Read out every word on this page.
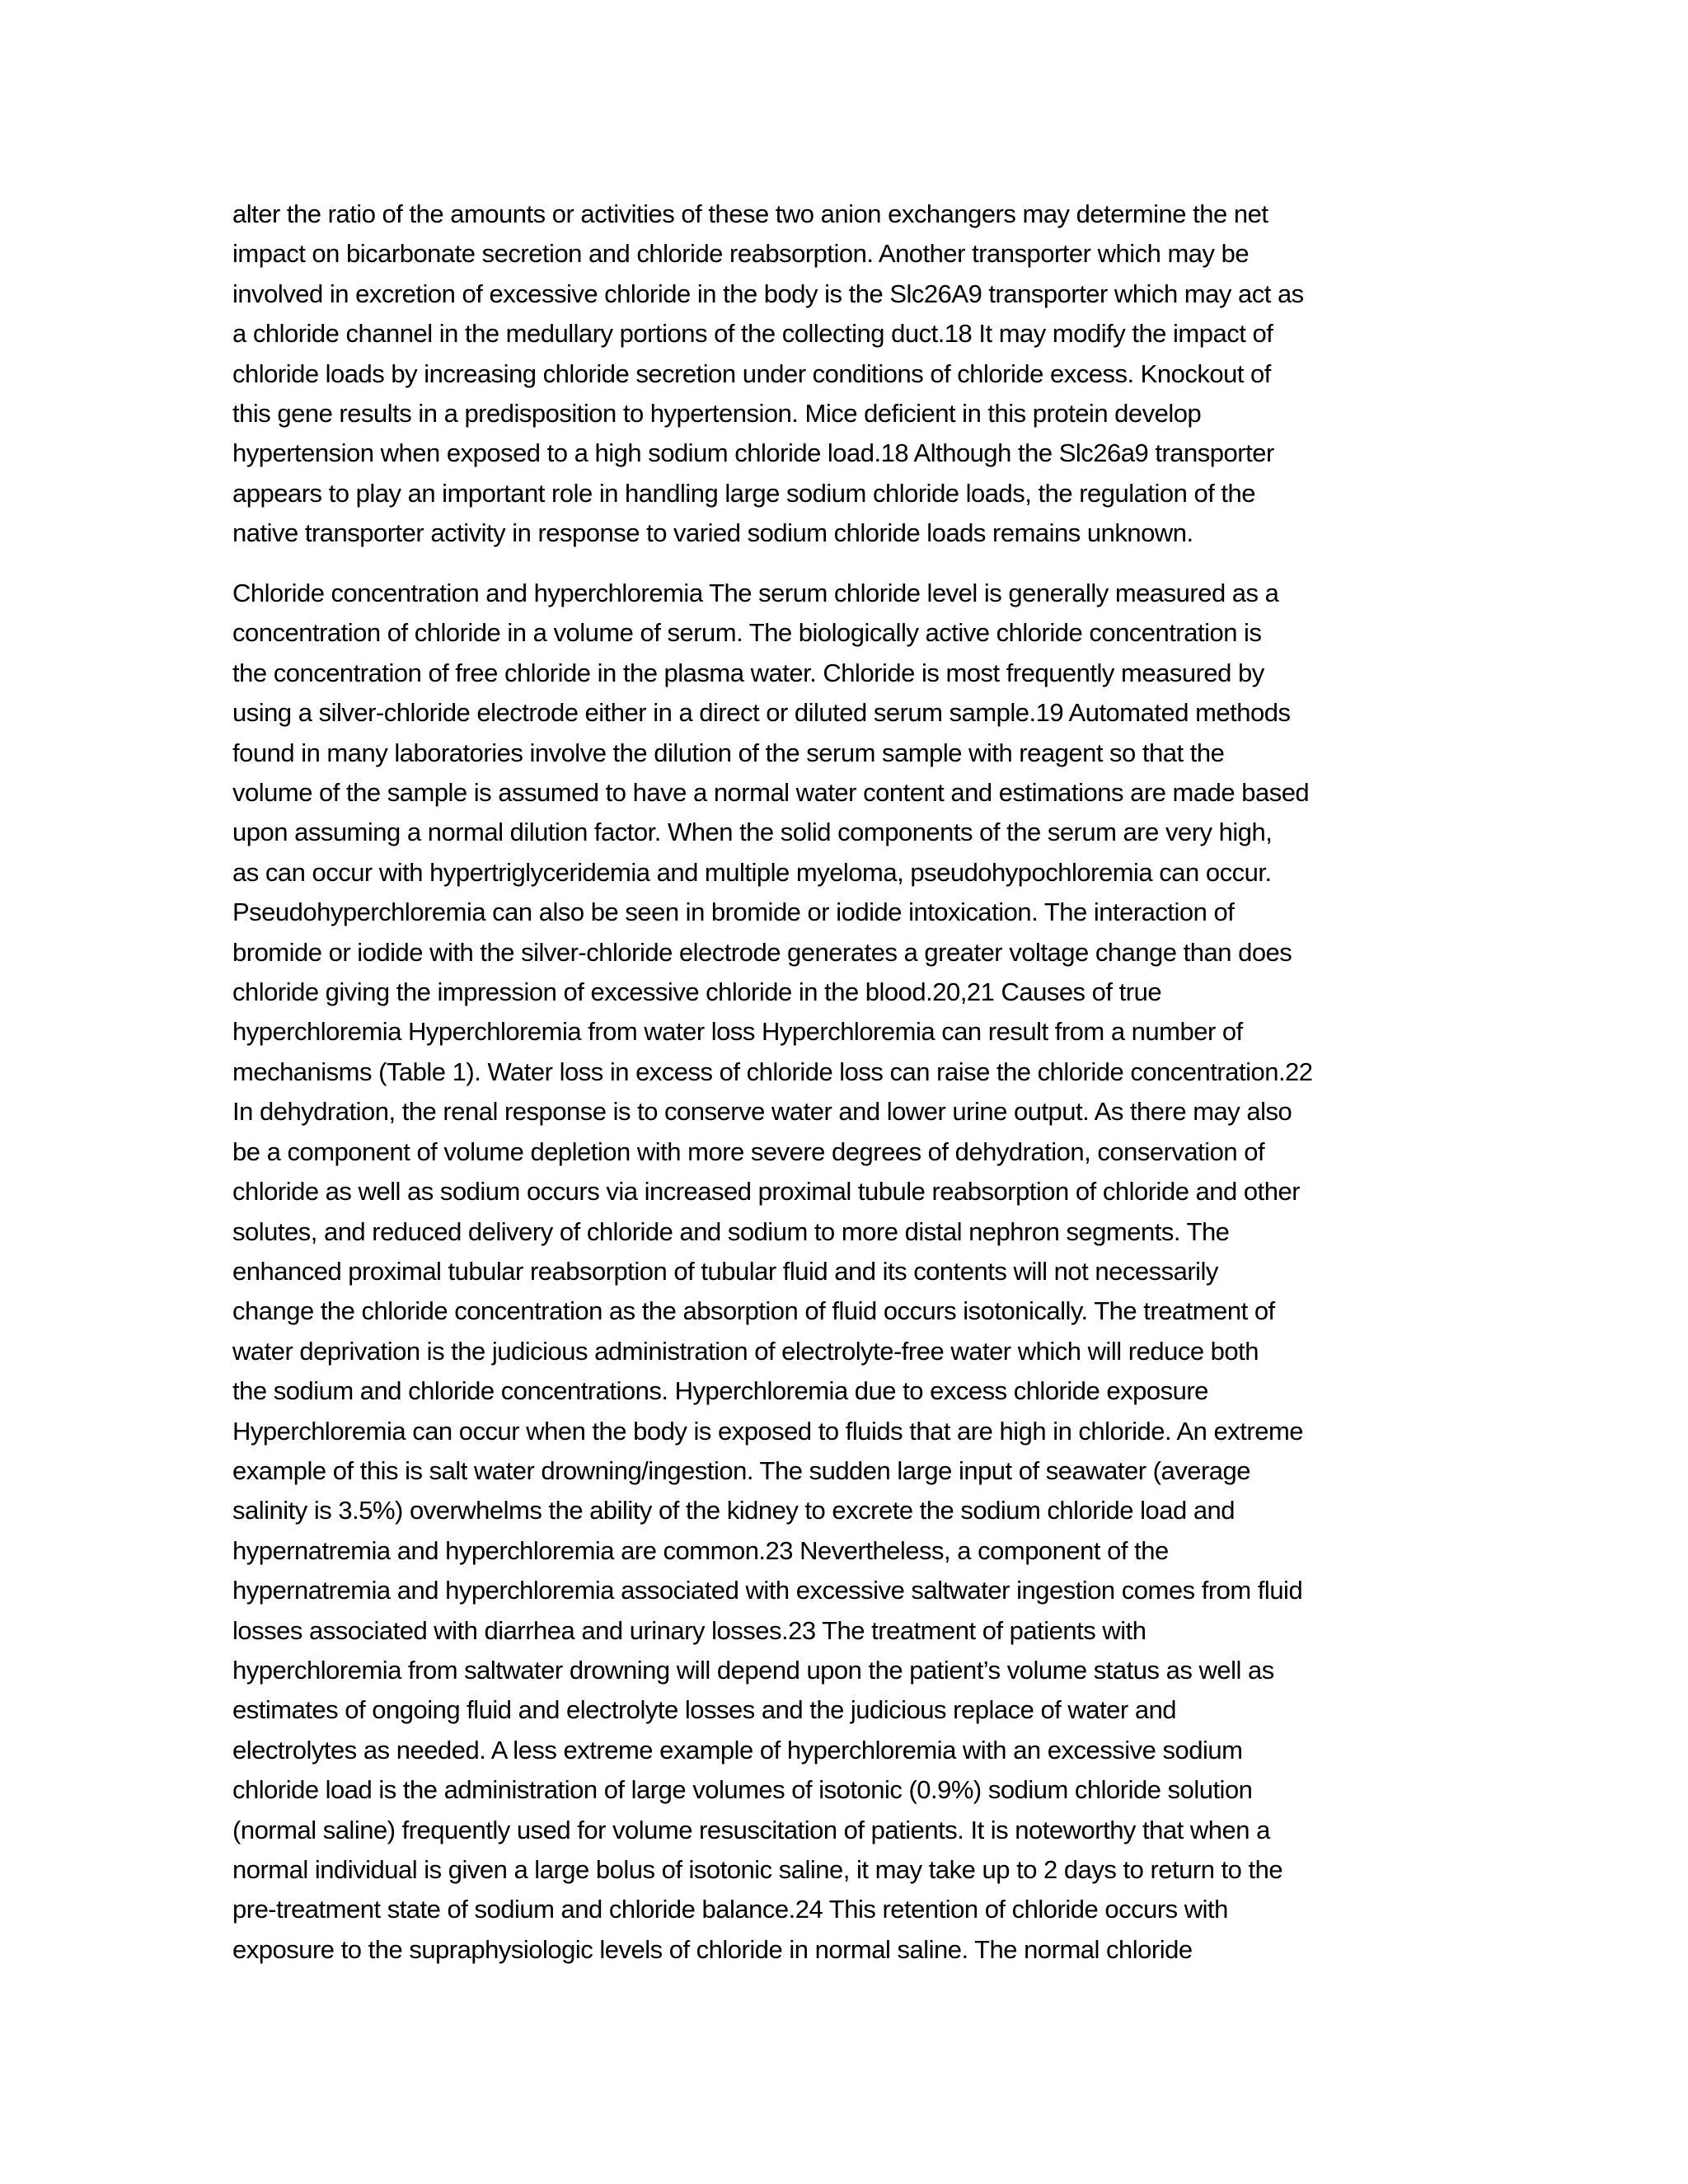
alter the ratio of the amounts or activities of these two anion exchangers may determine the net
impact on bicarbonate secretion and chloride reabsorption. Another transporter which may be
involved in excretion of excessive chloride in the body is the Slc26A9 transporter which may act as
a chloride channel in the medullary portions of the collecting duct.18 It may modify the impact of
chloride loads by increasing chloride secretion under conditions of chloride excess. Knockout of
this gene results in a predisposition to hypertension. Mice deficient in this protein develop
hypertension when exposed to a high sodium chloride load.18 Although the Slc26a9 transporter
appears to play an important role in handling large sodium chloride loads, the regulation of the
native transporter activity in response to varied sodium chloride loads remains unknown.
Chloride concentration and hyperchloremia The serum chloride level is generally measured as a
concentration of chloride in a volume of serum. The biologically active chloride concentration is
the concentration of free chloride in the plasma water. Chloride is most frequently measured by
using a silver-chloride electrode either in a direct or diluted serum sample.19 Automated methods
found in many laboratories involve the dilution of the serum sample with reagent so that the
volume of the sample is assumed to have a normal water content and estimations are made based
upon assuming a normal dilution factor. When the solid components of the serum are very high,
as can occur with hypertriglyceridemia and multiple myeloma, pseudohypochloremia can occur.
Pseudohyperchloremia can also be seen in bromide or iodide intoxication. The interaction of
bromide or iodide with the silver-chloride electrode generates a greater voltage change than does
chloride giving the impression of excessive chloride in the blood.20,21 Causes of true
hyperchloremia Hyperchloremia from water loss Hyperchloremia can result from a number of
mechanisms (Table 1). Water loss in excess of chloride loss can raise the chloride concentration.22
In dehydration, the renal response is to conserve water and lower urine output. As there may also
be a component of volume depletion with more severe degrees of dehydration, conservation of
chloride as well as sodium occurs via increased proximal tubule reabsorption of chloride and other
solutes, and reduced delivery of chloride and sodium to more distal nephron segments. The
enhanced proximal tubular reabsorption of tubular fluid and its contents will not necessarily
change the chloride concentration as the absorption of fluid occurs isotonically. The treatment of
water deprivation is the judicious administration of electrolyte-free water which will reduce both
the sodium and chloride concentrations. Hyperchloremia due to excess chloride exposure
Hyperchloremia can occur when the body is exposed to fluids that are high in chloride. An extreme
example of this is salt water drowning/ingestion. The sudden large input of seawater (average
salinity is 3.5%) overwhelms the ability of the kidney to excrete the sodium chloride load and
hypernatremia and hyperchloremia are common.23 Nevertheless, a component of the
hypernatremia and hyperchloremia associated with excessive saltwater ingestion comes from fluid
losses associated with diarrhea and urinary losses.23 The treatment of patients with
hyperchloremia from saltwater drowning will depend upon the patient’s volume status as well as
estimates of ongoing fluid and electrolyte losses and the judicious replace of water and
electrolytes as needed. A less extreme example of hyperchloremia with an excessive sodium
chloride load is the administration of large volumes of isotonic (0.9%) sodium chloride solution
(normal saline) frequently used for volume resuscitation of patients. It is noteworthy that when a
normal individual is given a large bolus of isotonic saline, it may take up to 2 days to return to the
pre-treatment state of sodium and chloride balance.24 This retention of chloride occurs with
exposure to the supraphysiologic levels of chloride in normal saline. The normal chloride
